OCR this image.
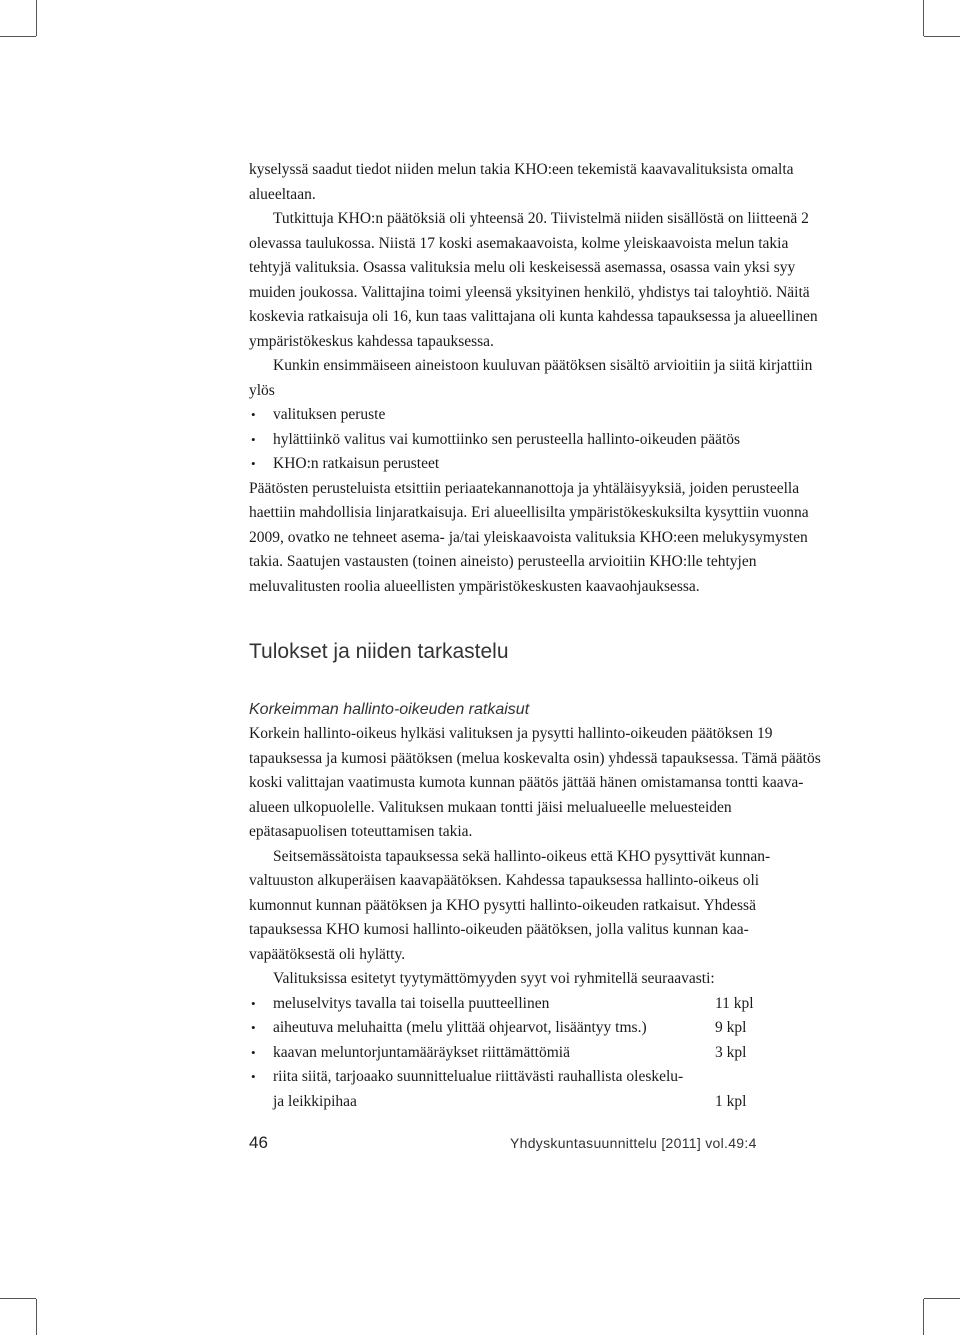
kyselyssä saadut tiedot niiden melun takia KHO:een tekemistä kaavavalituksista omalta alueeltaan.

Tutkittuja KHO:n päätöksiä oli yhteensä 20. Tiivistelmä niiden sisällöstä on liitteenä 2 olevassa taulukossa. Niistä 17 koski asemakaavoista, kolme yleiskaavoista melun takia tehtyjä valituksia. Osassa valituksia melu oli keskeisessä asemassa, osassa vain yksi syy muiden joukossa. Valittajina toimi yleensä yksityinen henkilö, yhdistys tai taloyhtiö. Näitä koskevia ratkaisuja oli 16, kun taas valittajana oli kunta kahdessa tapauksessa ja alueellinen ympäristökeskus kahdessa tapauksessa.

Kunkin ensimmäiseen aineistoon kuuluvan päätöksen sisältö arvioitiin ja siitä kirjattiin ylös

• valituksen peruste
• hylättiinkö valitus vai kumottiinko sen perusteella hallinto-oikeuden päätös
• KHO:n ratkaisun perusteet

Päätösten perusteluista etsittiin periaatekannanottoja ja yhtäläisyyksiä, joiden perusteella haettiin mahdollisia linjaratkaisuja. Eri alueellisilta ympäristökeskuksilta kysyttiin vuonna 2009, ovatko ne tehneet asema- ja/tai yleiskaavoista valituksia KHO:een melukysymysten takia. Saatujen vastausten (toinen aineisto) perusteella arvioitiin KHO:lle tehtyjen meluvalitusten roolia alueellisten ympäristökeskusten kaavaohjauksessa.

Tulokset ja niiden tarkastelu
Korkeimman hallinto-oikeuden ratkaisut

Korkein hallinto-oikeus hylkäsi valituksen ja pysytti hallinto-oikeuden päätöksen 19 tapauksessa ja kumosi päätöksen (melua koskevalta osin) yhdessä tapauksessa. Tämä päätös koski valittajan vaatimusta kumota kunnan päätös jättää hänen omistamansa tontti kaava-alueen ulkopuolelle. Valituksen mukaan tontti jäisi melualueelle meluesteiden epätasapuolisen toteuttamisen takia.

Seitsemässätoista tapauksessa sekä hallinto-oikeus että KHO pysyttivät kunnanvaltuuston alkuperäisen kaavapäätöksen. Kahdessa tapauksessa hallinto-oikeus oli kumonnut kunnan päätöksen ja KHO pysytti hallinto-oikeuden ratkaisut. Yhdessä tapauksessa KHO kumosi hallinto-oikeuden päätöksen, jolla valitus kunnan kaavapäätöksestä oli hylätty.

Valituksissa esitetyt tyytymättömyyden syyt voi ryhmitellä seuraavasti:

• meluselvitys tavalla tai toisella puutteellinen	11 kpl
• aiheutuva meluhaitta (melu ylittää ohjearvot, lisääntyy tms.)	9 kpl
• kaavan meluntorjuntamääräykset riittämättömiä	3 kpl
• riita siitä, tarjoaako suunnittelualue riittävästi rauhallista oleskelu- ja leikkipihaa	1 kpl
46	Yhdyskuntasuunnittelu [2011] vol.49:4
